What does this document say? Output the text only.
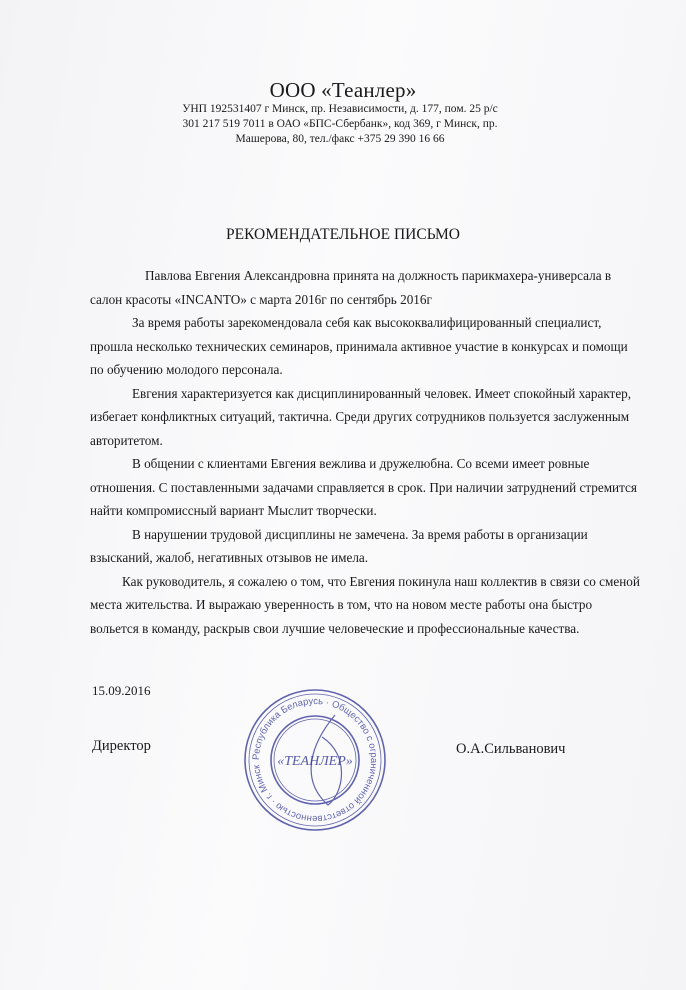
ООО «Теанлер»
УНП 192531407 г Минск, пр. Независимости, д. 177, пом. 25 р/с
301 217 519 7011 в ОАО «БПС-Сбербанк», код 369, г Минск, пр.
Машерова, 80, тел./факс +375 29 390 16 66
РЕКОМЕНДАТЕЛЬНОЕ ПИСЬМО

Павлова Евгения Александровна принята на должность парикмахера-универсала в салон красоты «INCANTO» с марта 2016г по сентябрь 2016г

За время работы зарекомендовала себя как высококвалифицированный специалист, прошла несколько технических семинаров, принимала активное участие в конкурсах и помощи по обучению молодого персонала.

Евгения характеризуется как дисциплинированный человек. Имеет спокойный характер, избегает конфликтных ситуаций, тактична. Среди других сотрудников пользуется заслуженным авторитетом.

В общении с клиентами Евгения вежлива и дружелюбна. Со всеми имеет ровные отношения. С поставленными задачами справляется в срок. При наличии затруднений стремится найти компромиссный вариант Мыслит творчески.

В нарушении трудовой дисциплины не замечена. За время работы в организации взысканий, жалоб, негативных отзывов не имела.

Как руководитель, я сожалею о том, что Евгения покинула наш коллектив в связи со сменой места жительства. И выражаю уверенность в том, что на новом месте работы она быстро вольется в команду, раскрыв свои лучшие человеческие и профессиональные качества.

15.09.2016
Директор	О.А.Сильванович
Республика Беларусь · Общество с ограниченной ответственностью · г. Минск	«ТЕАНЛЕР»
